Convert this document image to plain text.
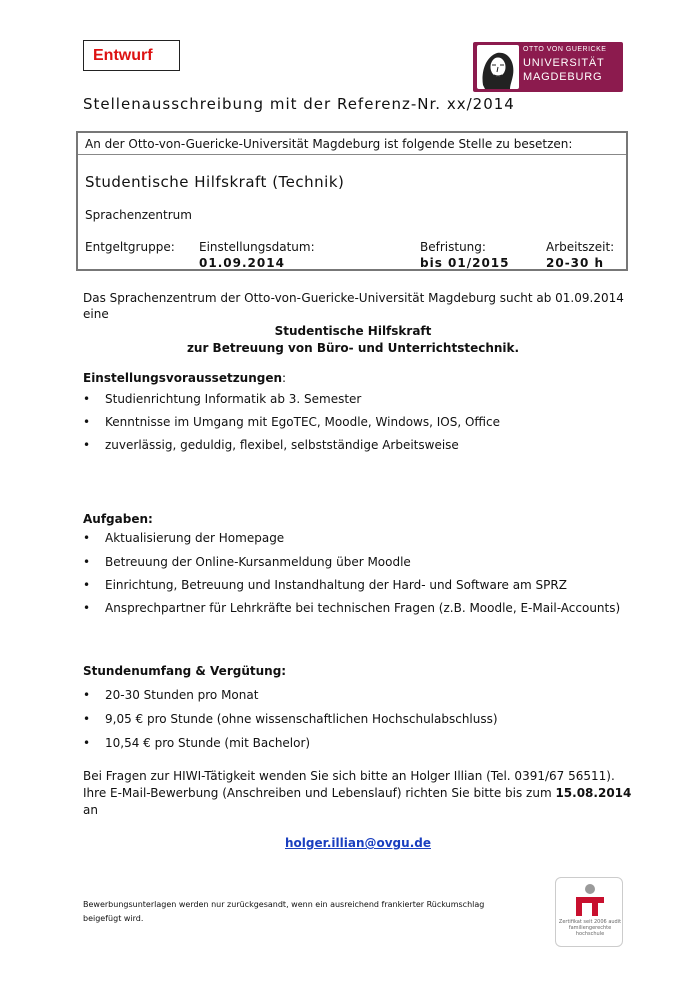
Entwurf	OTTO VON GUERICKE
UNIVERSITÄT
MAGDEBURG
Stellenausschreibung mit der Referenz-Nr. xx/2014
An der Otto-von-Guericke-Universität Magdeburg ist folgende Stelle zu besetzen:
Studentische Hilfskraft (Technik)
Sprachenzentrum
Entgeltgruppe: Einstellungsdatum:
01.09.2014
Befristung:
bis 01/2015
Arbeitszeit:
20-30 h
Das Sprachenzentrum der Otto-von-Guericke-Universität Magdeburg sucht ab 01.09.2014
eine
Studentische Hilfskraft
zur Betreuung von Büro- und Unterrichtstechnik.
Einstellungsvoraussetzungen:
• Studienrichtung Informatik ab 3. Semester
• Kenntnisse im Umgang mit EgoTEC, Moodle, Windows, IOS, Office
• zuverlässig, geduldig, flexibel, selbstständige Arbeitsweise
Aufgaben:
• Aktualisierung der Homepage
• Betreuung der Online-Kursanmeldung über Moodle
• Einrichtung, Betreuung und Instandhaltung der Hard- und Software am SPRZ
• Ansprechpartner für Lehrkräfte bei technischen Fragen (z.B. Moodle, E-Mail-Accounts)
Stundenumfang & Vergütung:
• 20-30 Stunden pro Monat
• 9,05 € pro Stunde (ohne wissenschaftlichen Hochschulabschluss)
• 10,54 € pro Stunde (mit Bachelor)
Bei Fragen zur HIWI-Tätigkeit wenden Sie sich bitte an Holger Illian (Tel. 0391/67 56511).
Ihre E-Mail-Bewerbung (Anschreiben und Lebenslauf) richten Sie bitte bis zum 15.08.2014
an
holger.illian@ovgu.de
Bewerbungsunterlagen werden nur zurückgesandt, wenn ein ausreichend frankierter Rückumschlag
beigefügt wird.	Zertifikat seit 2006 audit familiengerechte hochschule
